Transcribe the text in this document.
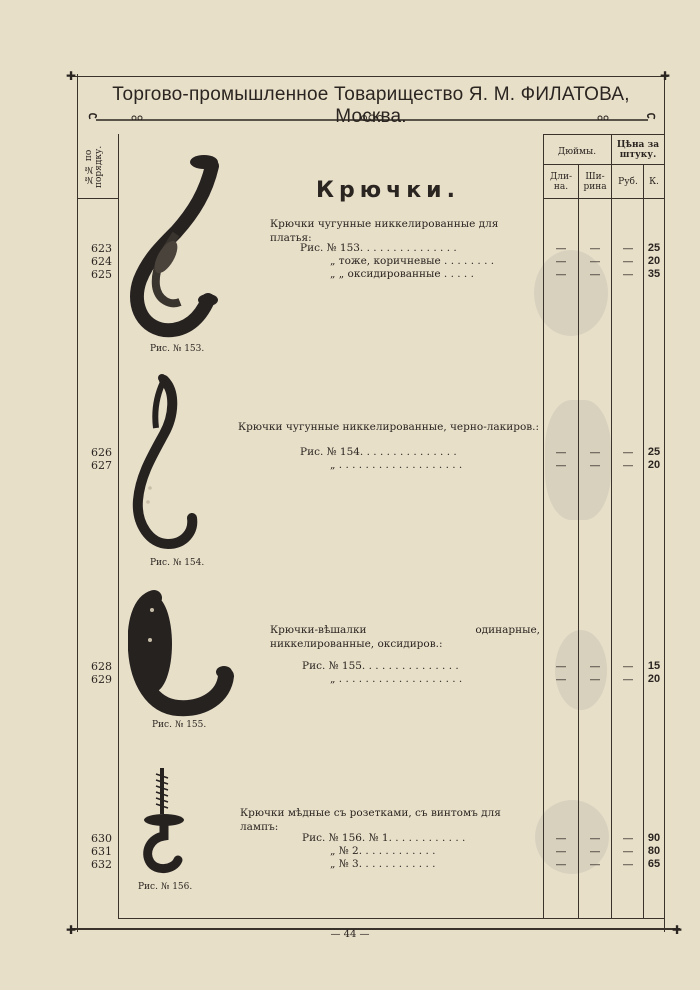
✚	✚
✚	✚
Торгово-промышленное Товарищество Я. М. ФИЛАТОВА, Москва.
№№ по порядку.	Дюймы.
Дли-на.
Ши-рина
Цѣна за штуку.
Руб.	К.
Крючки.
Рис. № 153.
Крючки чугунные никкелированные для платья:
623	Рис. № 153. . . . . . . . . . . . . . .	—	—	—	25
624	„ тоже, коричневые . . . . . . . .	—	—	—	20
625	„ „ оксидированные . . . . .	—	—	—	35
Рис. № 154.
Крючки чугунные никкелированные, черно-лакиров.:
626	Рис. № 154. . . . . . . . . . . . . . .	—	—	—	25
627	„ . . . . . . . . . . . . . . . . . . .	—	—	—	20
Рис. № 155.
Крючки-вѣшалки одинарные, никкелированные, оксидиров.:
628	Рис. № 155. . . . . . . . . . . . . . .	—	—	—	15
629	„ . . . . . . . . . . . . . . . . . . .	—	—	—	20
Рис. № 156.
Крючки мѣдные съ розетками, съ винтомъ для лампъ:
630	Рис. № 156. № 1. . . . . . . . . . . .	—	—	—	90
631	„ № 2. . . . . . . . . . . .	—	—	—	80
632	„ № 3. . . . . . . . . . . .	—	—	—	65
— 44 —
